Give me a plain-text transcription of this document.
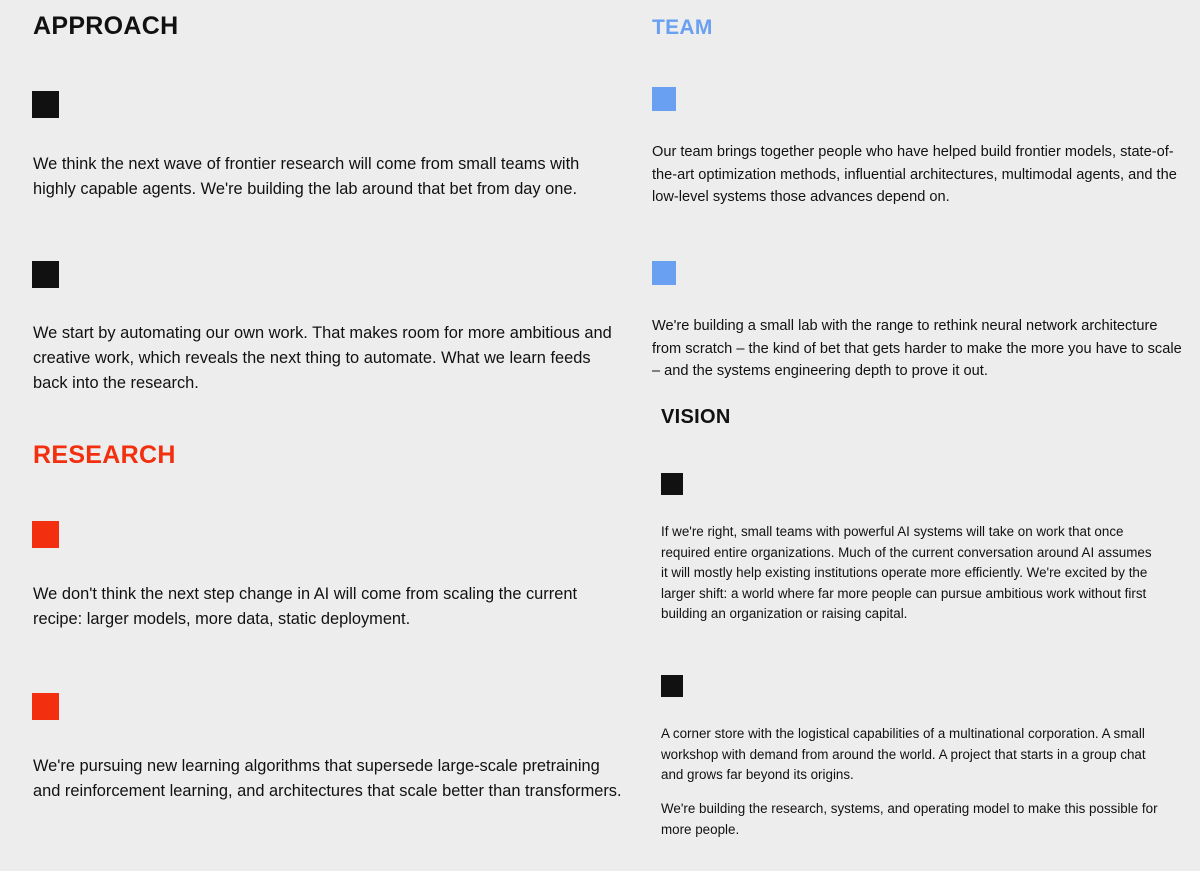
APPROACH

We think the next wave of frontier research will come from small teams with highly capable agents. We're building the lab around that bet from day one.

We start by automating our own work. That makes room for more ambitious and creative work, which reveals the next thing to automate. What we learn feeds back into the research.

RESEARCH

We don't think the next step change in AI will come from scaling the current recipe: larger models, more data, static deployment.

We're pursuing new learning algorithms that supersede large-scale pretraining and reinforcement learning, and architectures that scale better than transformers.

TEAM

Our team brings together people who have helped build frontier models, state-of-the-art optimization methods, influential architectures, multimodal agents, and the low-level systems those advances depend on.

We're building a small lab with the range to rethink neural network architecture from scratch – the kind of bet that gets harder to make the more you have to scale – and the systems engineering depth to prove it out.

VISION

If we're right, small teams with powerful AI systems will take on work that once required entire organizations. Much of the current conversation around AI assumes it will mostly help existing institutions operate more efficiently. We're excited by the larger shift: a world where far more people can pursue ambitious work without first building an organization or raising capital.

A corner store with the logistical capabilities of a multinational corporation. A small workshop with demand from around the world. A project that starts in a group chat and grows far beyond its origins.

We're building the research, systems, and operating model to make this possible for more people.
